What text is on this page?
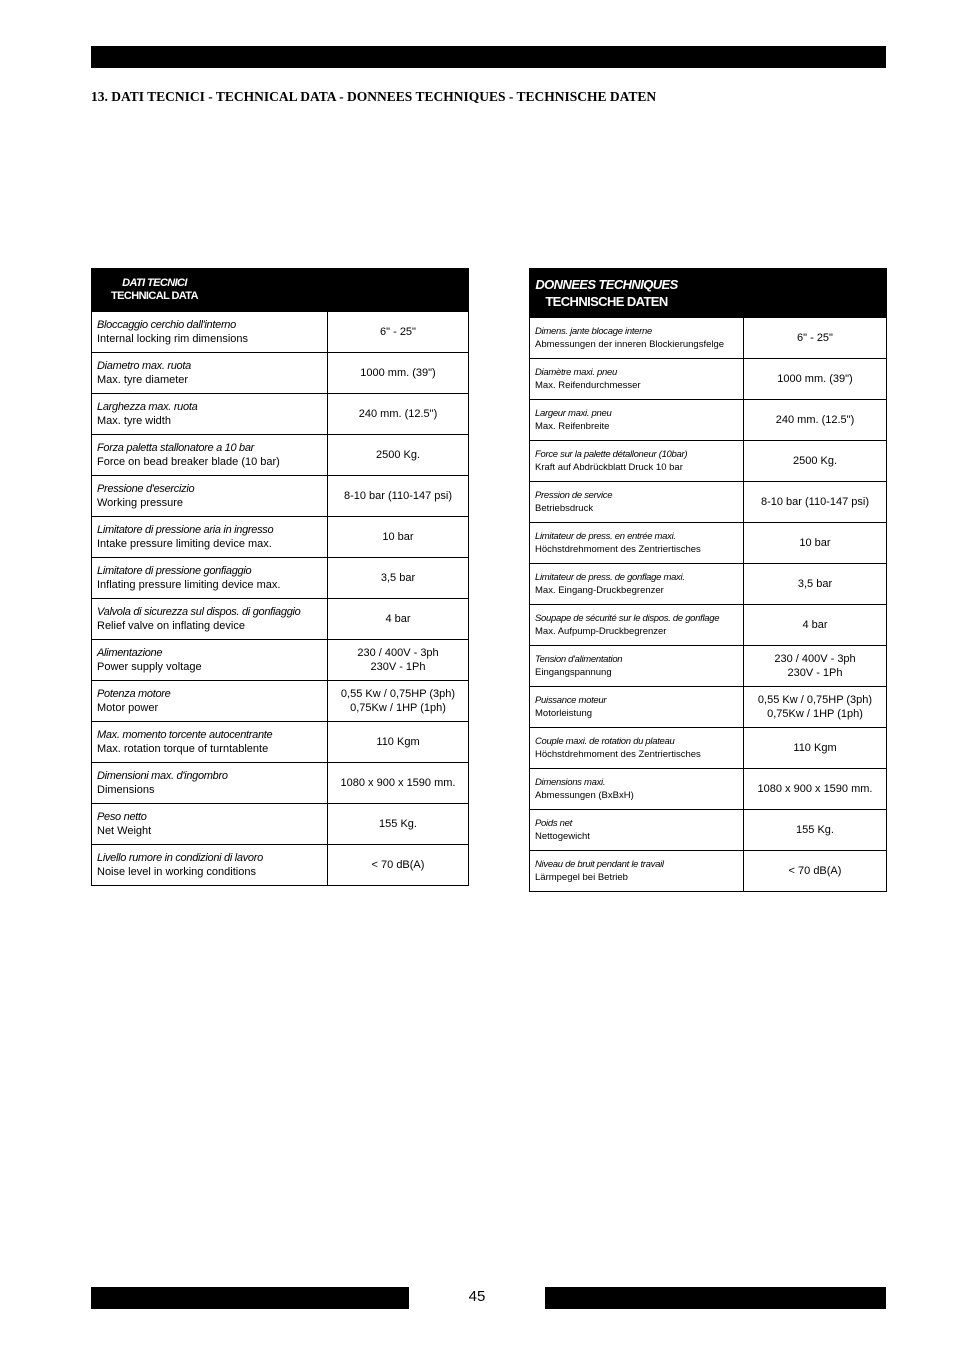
13. DATI TECNICI - TECHNICAL DATA - DONNEES TECHNIQUES - TECHNISCHE DATEN
DATI TECNICI
TECHNICAL DATA	

Bloccaggio cerchio dall'interno
Internal locking rim dimensions	6" - 25"

Diametro max. ruota
Max. tyre diameter	1000 mm. (39")

Larghezza max. ruota
Max. tyre width	240 mm. (12.5")

Forza paletta stallonatore a 10 bar
Force on bead breaker blade (10 bar)	2500 Kg.

Pressione d'esercizio
Working pressure	8-10 bar (110-147 psi)

Limitatore di pressione aria in ingresso
Intake pressure limiting device max.	10 bar

Limitatore di pressione gonfiaggio
Inflating pressure limiting device max.	3,5 bar

Valvola di sicurezza sul dispos. di gonfiaggio
Relief valve on inflating device	4 bar

Alimentazione
Power supply voltage	230 / 400V - 3ph
230V - 1Ph

Potenza motore
Motor power	0,55 Kw / 0,75HP (3ph)
0,75Kw / 1HP (1ph)

Max. momento torcente autocentrante
Max. rotation torque of turntablente	110 Kgm

Dimensioni max. d'ingombro
Dimensions	1080 x 900 x 1590 mm.

Peso netto
Net Weight	155 Kg.

Livello rumore in condizioni di lavoro
Noise level in working conditions	< 70 dB(A)
DONNEES TECHNIQUES
TECHNISCHE DATEN	

Dimens. jante blocage interne
Abmessungen der inneren Blockierungsfelge	6" - 25"

Diamètre maxi. pneu
Max. Reifendurchmesser	1000 mm. (39")

Largeur maxi. pneu
Max. Reifenbreite	240 mm. (12.5")

Force sur la palette détalloneur (10bar)
Kraft auf Abdrückblatt Druck 10 bar	2500 Kg.

Pression de service
Betriebsdruck	8-10 bar (110-147 psi)

Limitateur de press. en entrée maxi.
Höchstdrehmoment des Zentriertisches	10 bar

Limitateur de press. de gonflage maxi.
Max. Eingang-Druckbegrenzer	3,5 bar

Soupape de sécurité sur le dispos. de gonflage
Max. Aufpump-Druckbegrenzer	4 bar

Tension d'alimentation
Eingangspannung	230 / 400V - 3ph
230V - 1Ph

Puissance moteur
Motorleistung	0,55 Kw / 0,75HP (3ph)
0,75Kw / 1HP (1ph)

Couple maxi. de rotation du plateau
Höchstdrehmoment des Zentriertisches	110 Kgm

Dimensions maxi.
Abmessungen (BxBxH)	1080 x 900 x 1590 mm.

Poids net
Nettogewicht	155 Kg.

Niveau de bruit pendant le travail
Lärmpegel bei Betrieb	< 70 dB(A)
45
